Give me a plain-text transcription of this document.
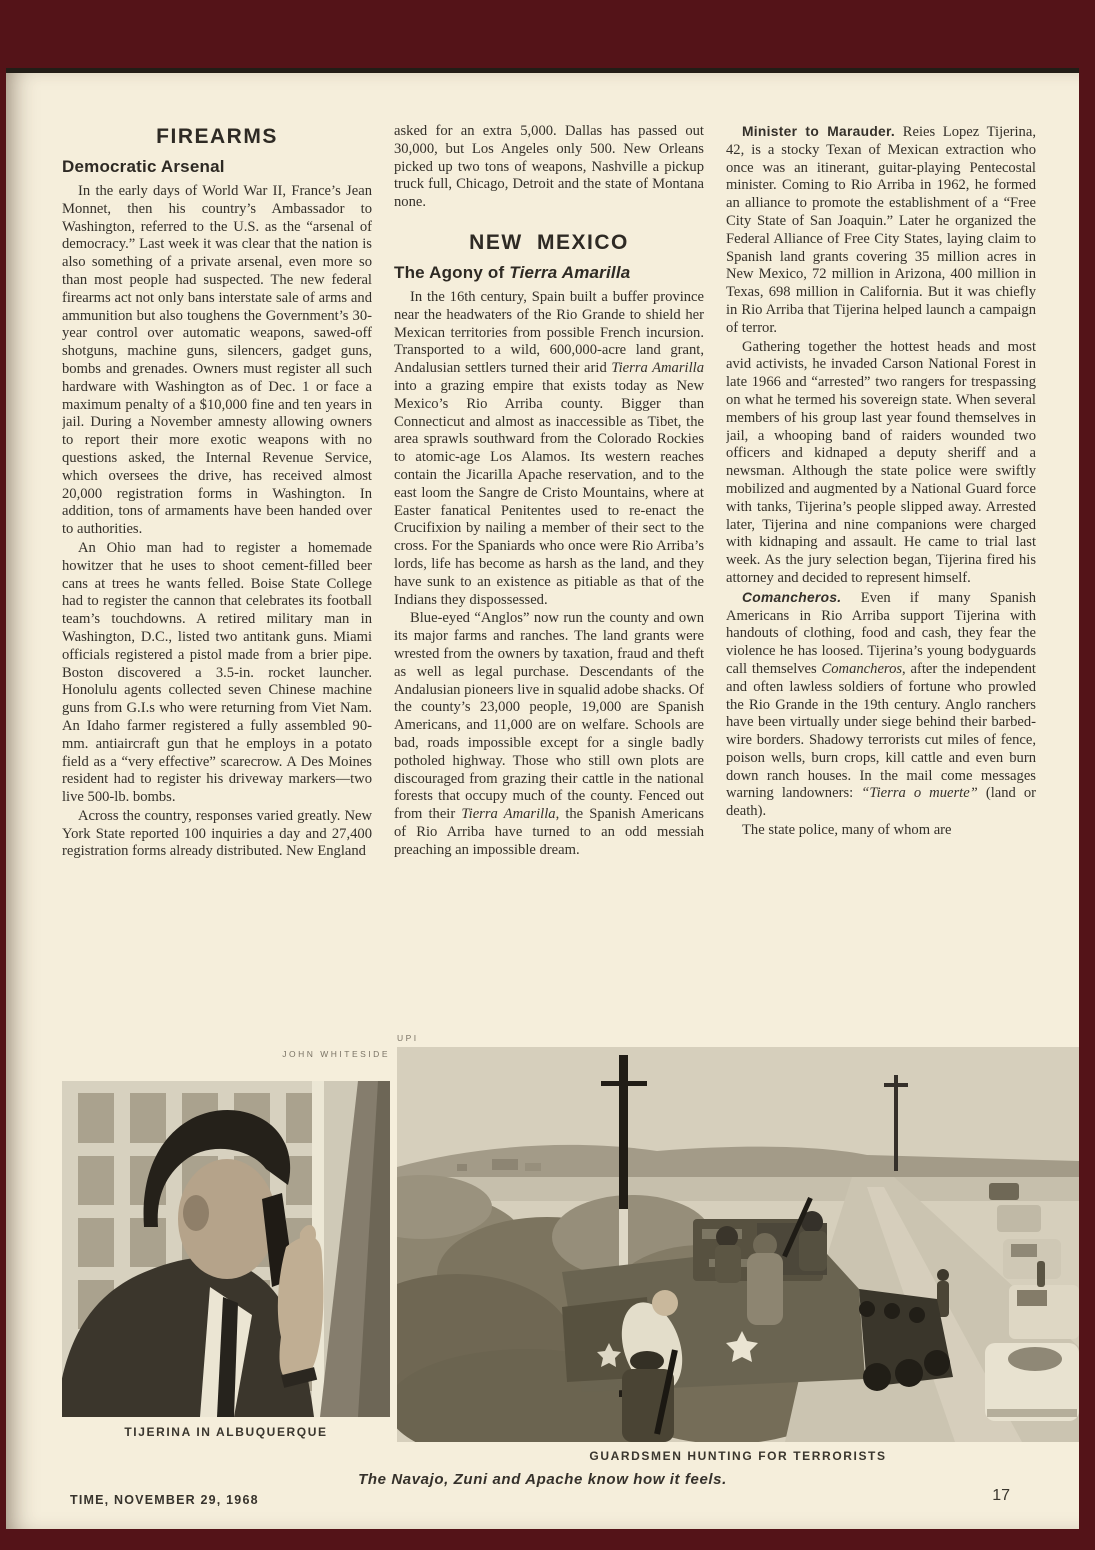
FIREARMS
Democratic Arsenal

In the early days of World War II, France’s Jean Monnet, then his country’s Ambassador to Washington, referred to the U.S. as the “arsenal of democracy.” Last week it was clear that the nation is also something of a private arsenal, even more so than most people had suspected. The new federal firearms act not only bans interstate sale of arms and ammunition but also toughens the Government’s 30-year control over automatic weapons, sawed-off shotguns, machine guns, silencers, gadget guns, bombs and grenades. Owners must register all such hardware with Washington as of Dec. 1 or face a maximum penalty of a $10,000 fine and ten years in jail. During a November amnesty allowing owners to report their more exotic weapons with no questions asked, the Internal Revenue Service, which oversees the drive, has received almost 20,000 registration forms in Washington. In addition, tons of armaments have been handed over to authorities.

An Ohio man had to register a homemade howitzer that he uses to shoot cement-filled beer cans at trees he wants felled. Boise State College had to register the cannon that celebrates its football team’s touchdowns. A retired military man in Washington, D.C., listed two antitank guns. Miami officials registered a pistol made from a brier pipe. Boston discovered a 3.5-in. rocket launcher. Honolulu agents collected seven Chinese machine guns from G.I.s who were returning from Viet Nam. An Idaho farmer registered a fully assembled 90-mm. antiaircraft gun that he employs in a potato field as a “very effective” scarecrow. A Des Moines resident had to register his driveway markers—two live 500-lb. bombs.

Across the country, responses varied greatly. New York State reported 100 inquiries a day and 27,400 registration forms already distributed. New England

asked for an extra 5,000. Dallas has passed out 30,000, but Los Angeles only 500. New Orleans picked up two tons of weapons, Nashville a pickup truck full, Chicago, Detroit and the state of Montana none.

NEW MEXICO
The Agony of Tierra Amarilla

In the 16th century, Spain built a buffer province near the headwaters of the Rio Grande to shield her Mexican territories from possible French incursion. Transported to a wild, 600,000-acre land grant, Andalusian settlers turned their arid Tierra Amarilla into a grazing empire that exists today as New Mexico’s Rio Arriba county. Bigger than Connecticut and almost as inaccessible as Tibet, the area sprawls southward from the Colorado Rockies to atomic-age Los Alamos. Its western reaches contain the Jicarilla Apache reservation, and to the east loom the Sangre de Cristo Mountains, where at Easter fanatical Penitentes used to re-enact the Crucifixion by nailing a member of their sect to the cross. For the Spaniards who once were Rio Arriba’s lords, life has become as harsh as the land, and they have sunk to an existence as pitiable as that of the Indians they dispossessed.

Blue-eyed “Anglos” now run the county and own its major farms and ranches. The land grants were wrested from the owners by taxation, fraud and theft as well as legal purchase. Descendants of the Andalusian pioneers live in squalid adobe shacks. Of the county’s 23,000 people, 19,000 are Spanish Americans, and 11,000 are on welfare. Schools are bad, roads impossible except for a single badly potholed highway. Those who still own plots are discouraged from grazing their cattle in the national forests that occupy much of the county. Fenced out from their Tierra Amarilla, the Spanish Americans of Rio Arriba have turned to an odd messiah preaching an impossible dream.

Minister to Marauder. Reies Lopez Tijerina, 42, is a stocky Texan of Mexican extraction who once was an itinerant, guitar-playing Pentecostal minister. Coming to Rio Arriba in 1962, he formed an alliance to promote the establishment of a “Free City State of San Joaquin.” Later he organized the Federal Alliance of Free City States, laying claim to Spanish land grants covering 35 million acres in New Mexico, 72 million in Arizona, 400 million in Texas, 698 million in California. But it was chiefly in Rio Arriba that Tijerina helped launch a campaign of terror.

Gathering together the hottest heads and most avid activists, he invaded Carson National Forest in late 1966 and “arrested” two rangers for trespassing on what he termed his sovereign state. When several members of his group last year found themselves in jail, a whooping band of raiders wounded two officers and kidnaped a deputy sheriff and a newsman. Although the state police were swiftly mobilized and augmented by a National Guard force with tanks, Tijerina’s people slipped away. Arrested later, Tijerina and nine companions were charged with kidnaping and assault. He came to trial last week. As the jury selection began, Tijerina fired his attorney and decided to represent himself.

Comancheros. Even if many Spanish Americans in Rio Arriba support Tijerina with handouts of clothing, food and cash, they fear the violence he has loosed. Tijerina’s young bodyguards call themselves Comancheros, after the independent and often lawless soldiers of fortune who prowled the Rio Grande in the 19th century. Anglo ranchers have been virtually under siege behind their barbed-wire borders. Shadowy terrorists cut miles of fence, poison wells, burn crops, kill cattle and even burn down ranch houses. In the mail come messages warning landowners: “Tierra o muerte” (land or death).

The state police, many of whom are

JOHN WHITESIDE
UPI
TIJERINA IN ALBUQUERQUE
GUARDSMEN HUNTING FOR TERRORISTS
The Navajo, Zuni and Apache know how it feels.
TIME, NOVEMBER 29, 1968	17
